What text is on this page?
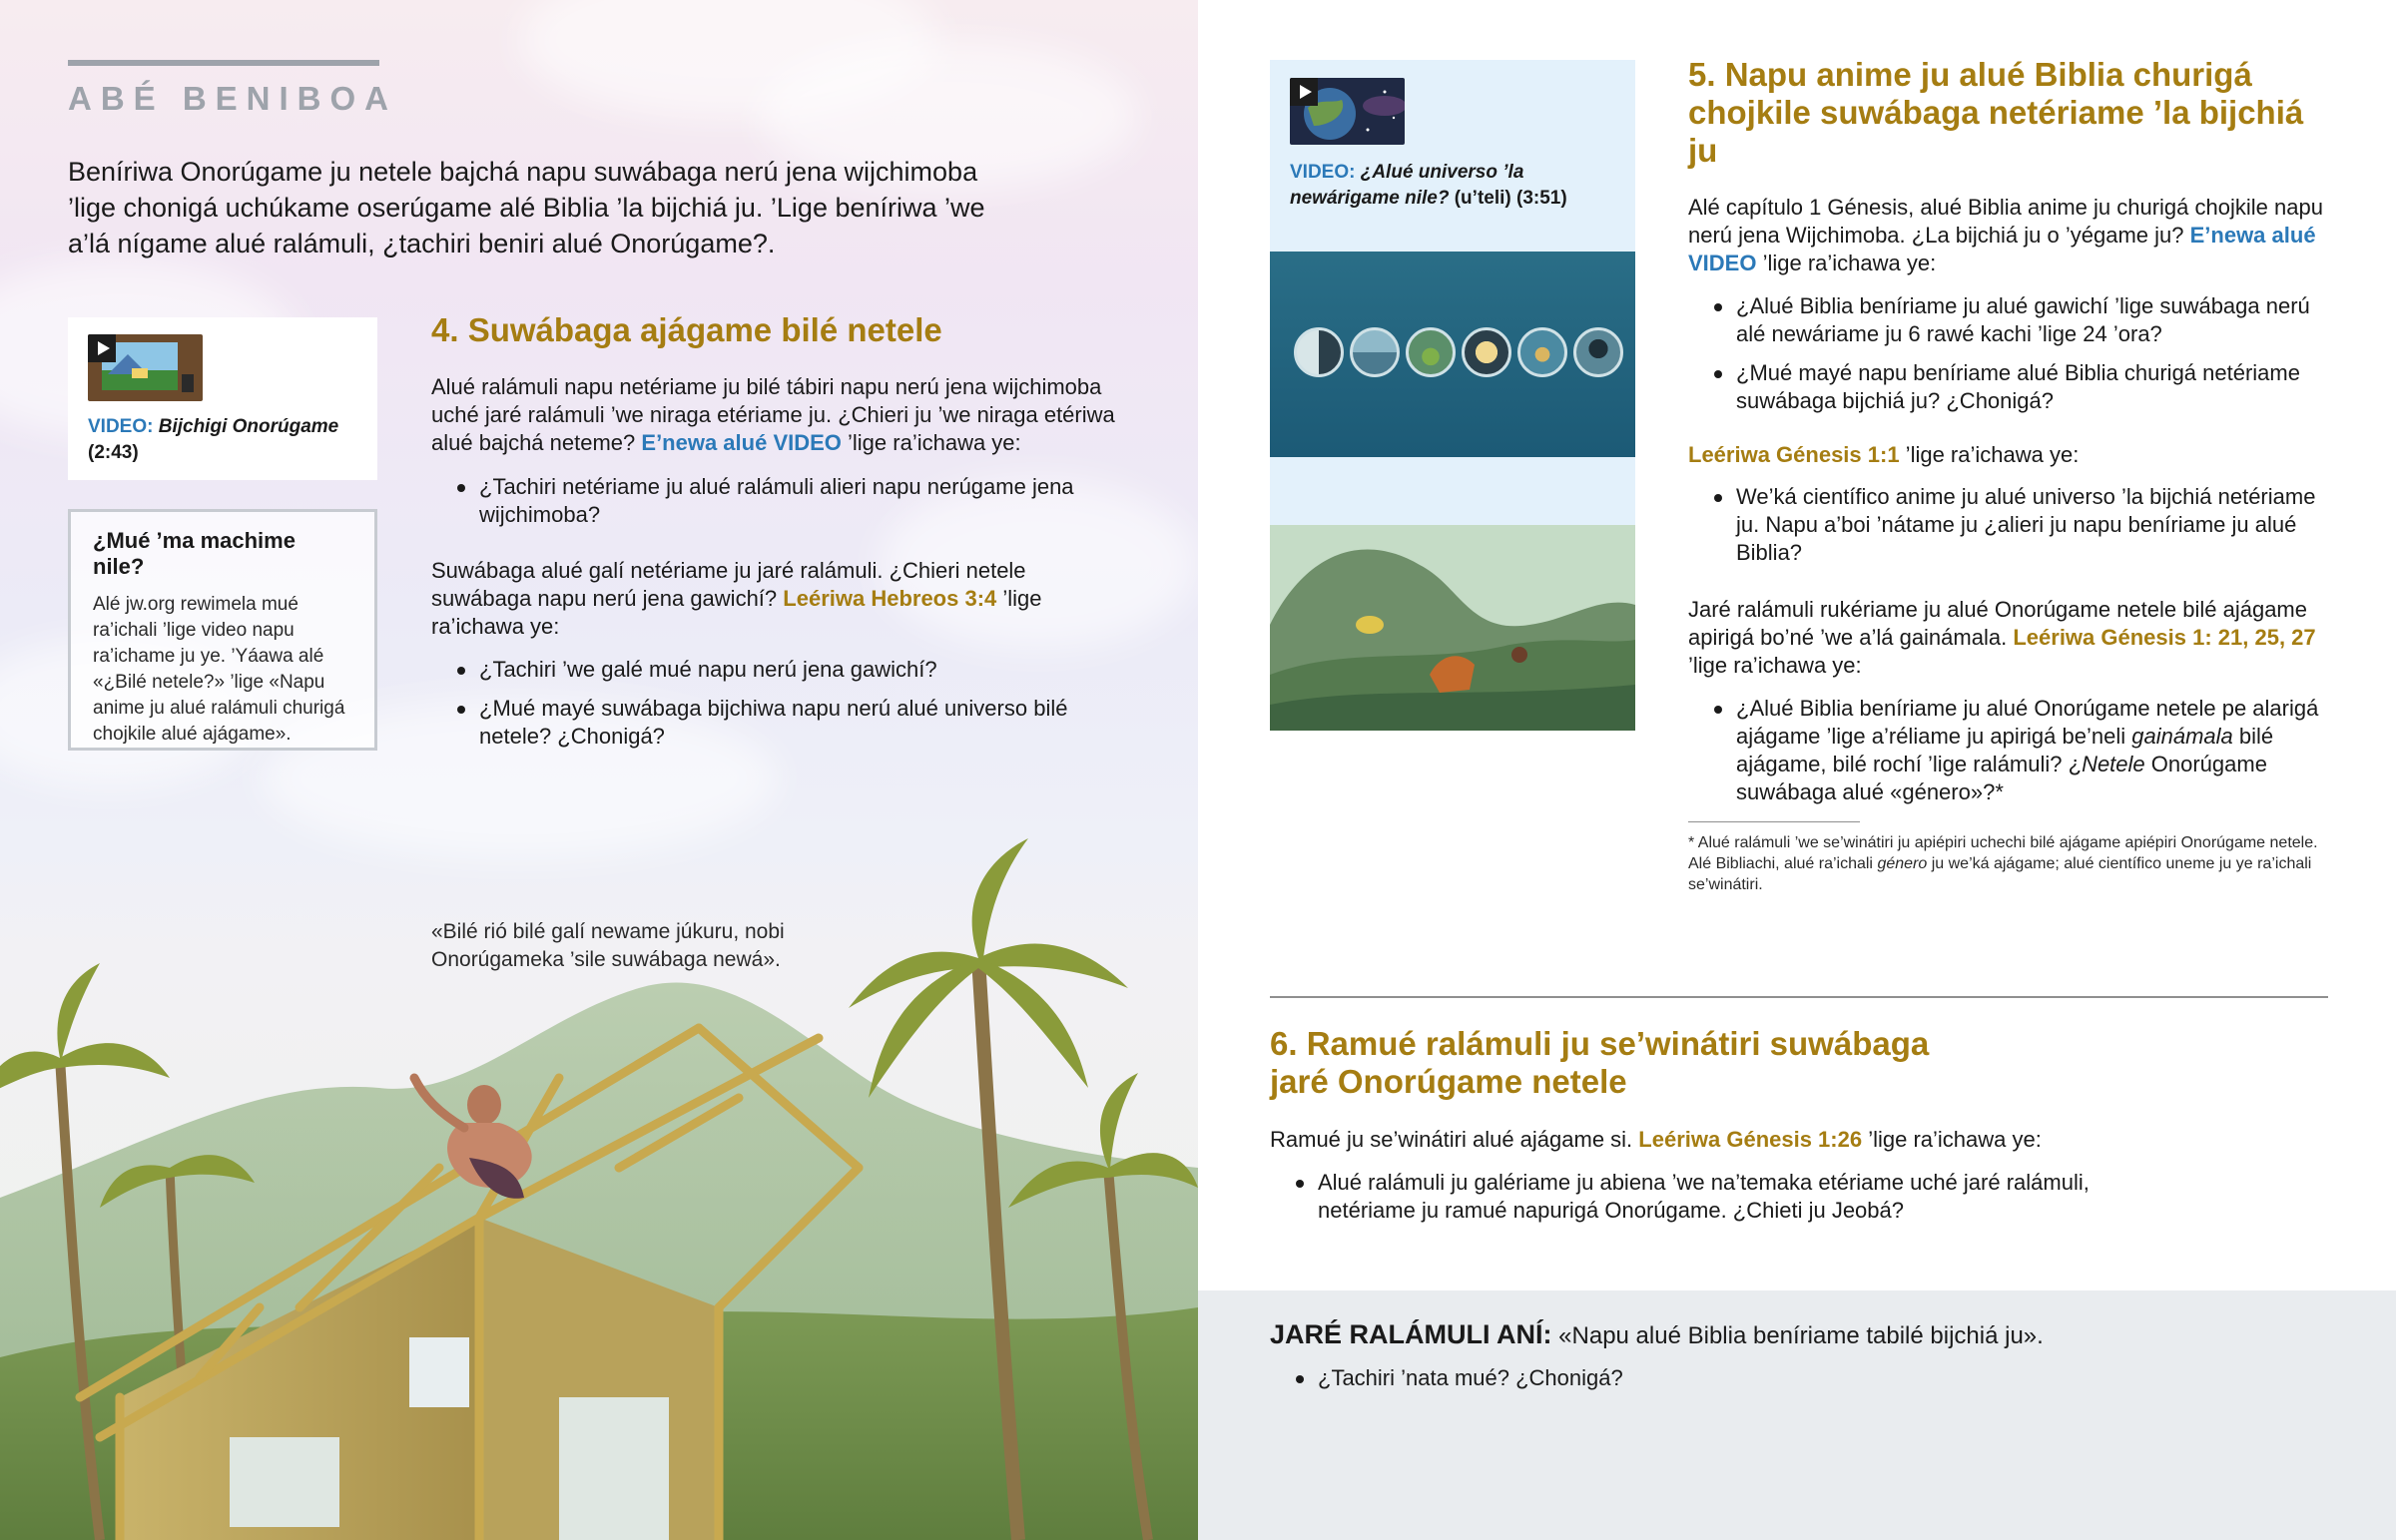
ABÉ BENIBOA

Beníriwa Onorúgame ju netele bajchá napu suwábaga nerú jena wijchimoba ’lige chonigá uchúkame oserúgame alé Biblia ’la bijchiá ju. ’Lige beníriwa ’we a’lá nígame alué ralámuli, ¿tachiri beniri alué Onorúgame?.

VIDEO: Bijchigi Onorúgame
(2:43)
¿Mué ’ma machime nile?

Alé jw.org rewimela mué ra’ichali ’lige video napu ra’ichame ju ye. ’Yáawa alé «¿Bilé netele?» ’lige «Napu anime ju alué ralámuli churigá chojkile alué ajágame».

4. Suwábaga ajágame bilé netele

Alué ralámuli napu netériame ju bilé tábiri napu nerú jena wijchimoba uché jaré ralámuli ’we niraga etériame ju. ¿Chieri ju ’we niraga etériwa alué bajchá neteme? E’newa alué VIDEO ’lige ra’ichawa ye:

¿Tachiri netériame ju alué ralámuli alieri napu nerúgame jena wijchimoba?

Suwábaga alué galí netériame ju jaré ralámuli. ¿Chieri netele suwábaga napu nerú jena gawichí? Leériwa Hebreos 3:4 ’lige ra’ichawa ye:

¿Tachiri ’we galé mué napu nerú jena gawichí?
¿Mué mayé suwábaga bijchiwa napu nerú alué universo bilé netele? ¿Chonigá?

«Bilé rió bilé galí newame júkuru, nobi Onorúgameka ’sile suwábaga newá».

VIDEO: ¿Alué universo ’la newárigame nile? (u’teli) (3:51)
5. Napu anime ju alué Biblia churigá chojkile suwábaga netériame ’la bijchiá ju

Alé capítulo 1 Génesis, alué Biblia anime ju churigá chojkile napu nerú jena Wijchimoba. ¿La bijchiá ju o ’yégame ju? E’newa alué VIDEO ’lige ra’ichawa ye:

¿Alué Biblia beníriame ju alué gawichí ’lige suwábaga nerú alé newáriame ju 6 rawé kachi ’lige 24 ’ora?
¿Mué mayé napu beníriame alué Biblia churigá netériame suwábaga bijchiá ju? ¿Chonigá?

Leériwa Génesis 1:1 ’lige ra’ichawa ye:

We’ká científico anime ju alué universo ’la bijchiá netériame ju. Napu a’boi ’nátame ju ¿alieri ju napu beníriame ju alué Biblia?

Jaré ralámuli rukériame ju alué Onorúgame netele bilé ajágame apirigá bo’né ’we a’lá gainámala. Leériwa Génesis 1: 21, 25, 27 ’lige ra’ichawa ye:

¿Alué Biblia beníriame ju alué Onorúgame netele pe alarigá ajágame ’lige a’réliame ju apirigá be’neli gainámala bilé ajágame, bilé rochí ’lige ralámuli? ¿Netele Onorúgame suwábaga alué «género»?*

* Alué ralámuli ’we se’winátiri ju apiépiri uchechi bilé ajágame apiépiri Onorúgame netele. Alé Bibliachi, alué ra’ichali género ju we’ká ajágame; alué científico uneme ju ye ra’ichali se’winátiri.

6. Ramué ralámuli ju se’winátiri suwábaga jaré Onorúgame netele

Ramué ju se’winátiri alué ajágame si. Leériwa Génesis 1:26 ’lige ra’ichawa ye:

Alué ralámuli ju galériame ju abiena ’we na’temaka etériame uché jaré ralámuli, netériame ju ramué napurigá Onorúgame. ¿Chieti ju Jeobá?

JARÉ RALÁMULI ANÍ: «Napu alué Biblia beníriame tabilé bijchiá ju».

¿Tachiri ’nata mué? ¿Chonigá?
